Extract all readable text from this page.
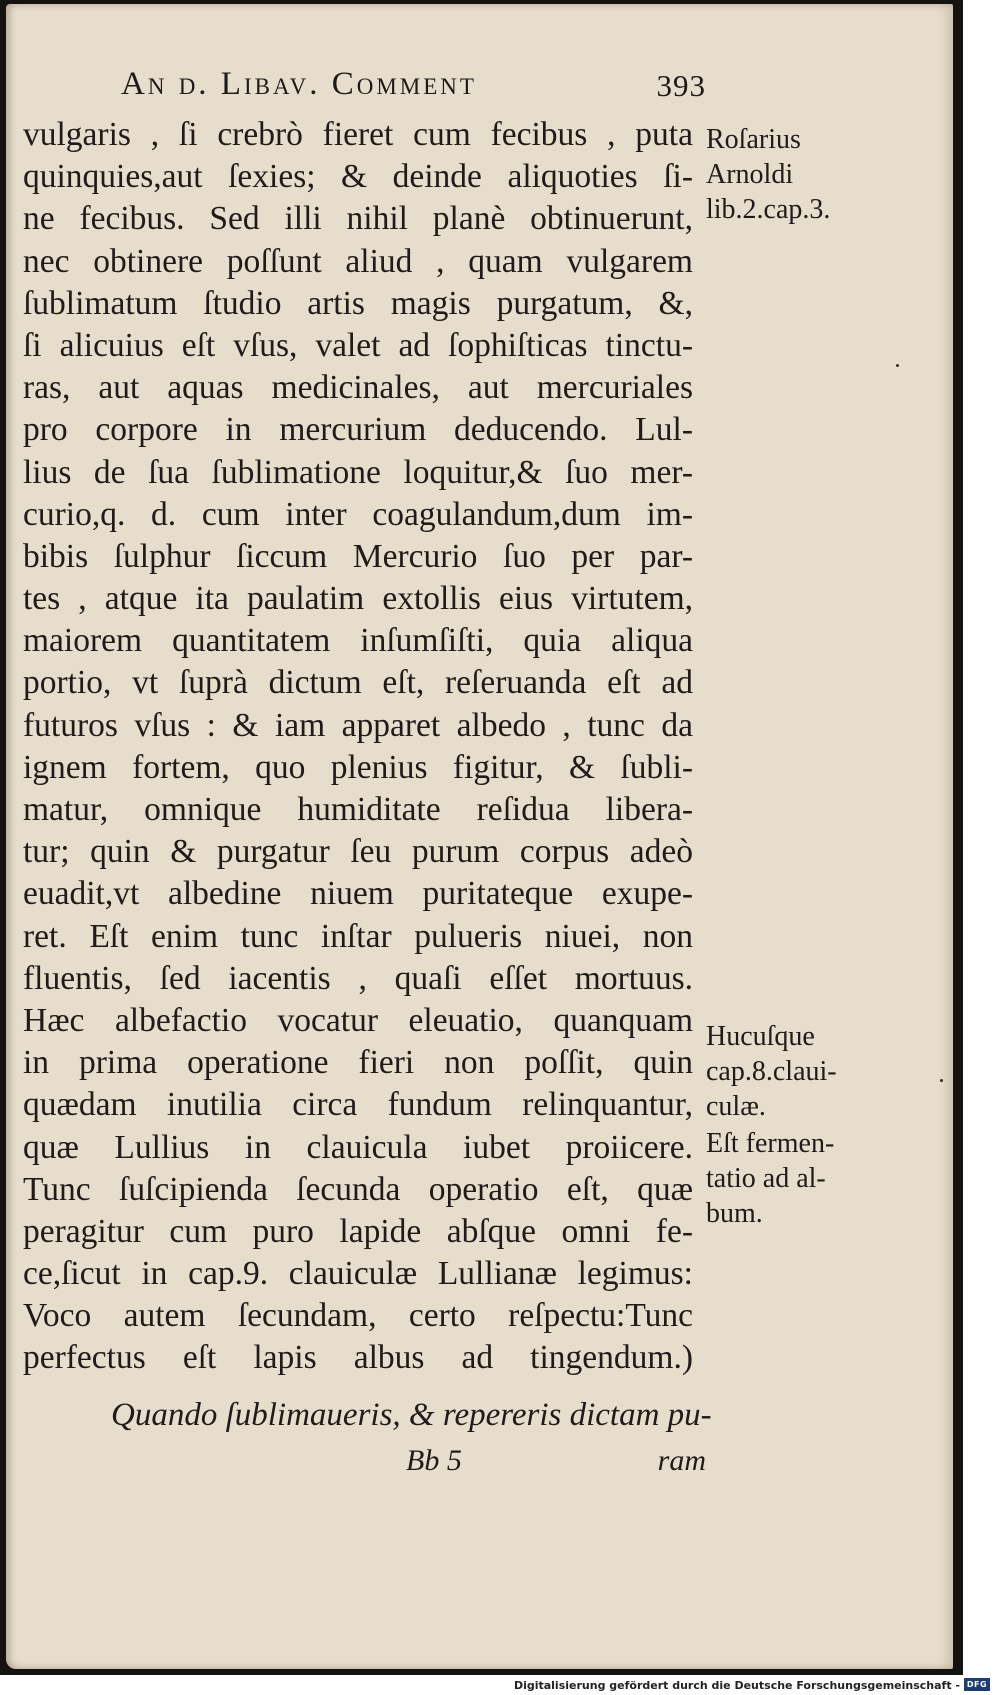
An d. Libav. Comment	393
vulgaris , ſi crebrò fieret cum fecibus , puta
quinquies,aut ſexies; & deinde aliquoties ſi-
ne fecibus. Sed illi nihil planè obtinuerunt,
nec obtinere poſſunt aliud , quam vulgarem
ſublimatum ſtudio artis magis purgatum, &,
ſi alicuius eſt vſus, valet ad ſophiſticas tinctu-
ras, aut aquas medicinales, aut mercuriales
pro corpore in mercurium deducendo. Lul-
lius de ſua ſublimatione loquitur,& ſuo mer-
curio,q. d. cum inter coagulandum,dum im-
bibis ſulphur ſiccum Mercurio ſuo per par-
tes , atque ita paulatim extollis eius virtutem,
maiorem quantitatem inſumſiſti, quia aliqua
portio, vt ſuprà dictum eſt, reſeruanda eſt ad
futuros vſus : & iam apparet albedo , tunc da
ignem fortem, quo plenius figitur, & ſubli-
matur, omnique humiditate reſidua libera-
tur; quin & purgatur ſeu purum corpus adeò
euadit,vt albedine niuem puritateque exupe-
ret. Eſt enim tunc inſtar pulueris niuei, non
fluentis, ſed iacentis , quaſi eſſet mortuus.
Hæc albefactio vocatur eleuatio, quanquam
in prima operatione fieri non poſſit, quin
quædam inutilia circa fundum relinquantur,
quæ Lullius in clauicula iubet proiicere.
Tunc ſuſcipienda ſecunda operatio eſt, quæ
peragitur cum puro lapide abſque omni fe-
ce,ſicut in cap.9. clauiculæ Lullianæ legimus:
Voco autem ſecundam, certo reſpectu:Tunc
perfectus eſt lapis albus ad tingendum.)
Quando ſublimaueris, & repereris dictam pu-
Bb 5	ram
Roſarius
Arnoldi
lib.2.cap.3.
Hucuſque
cap.8.claui-
culæ.
Eſt fermen-
tatio ad al-
bum.
Digitalisierung gefördert durch die Deutsche Forschungsgemeinschaft - DFG
